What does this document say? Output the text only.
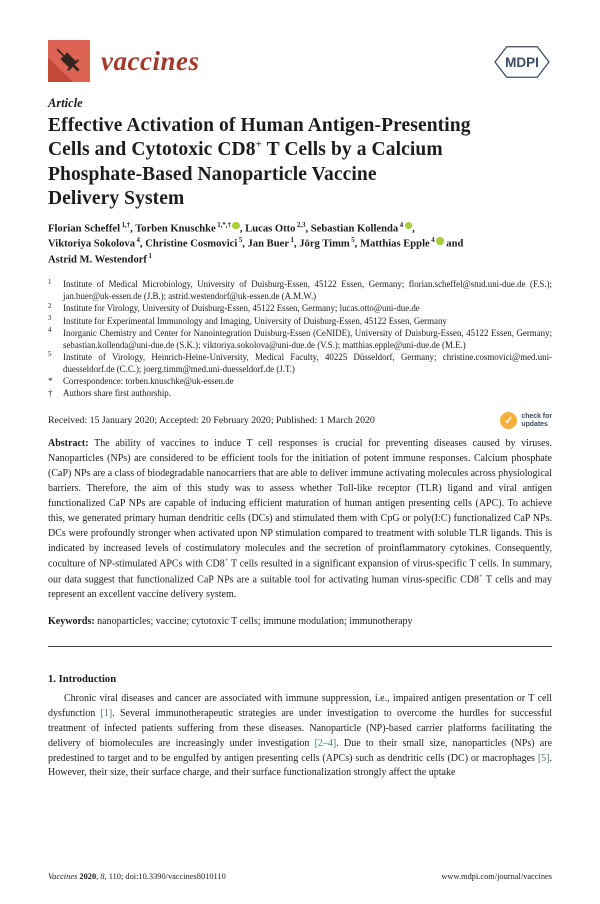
vaccines	MDPI
Article
Effective Activation of Human Antigen-Presenting
Cells and Cytotoxic CD8+ T Cells by a Calcium
Phosphate-Based Nanoparticle Vaccine
Delivery System
Florian Scheffel $^{1,\dagger}$, Torben Knuschke $^{1,*,\dagger}$ , Lucas Otto $^{2,3}$, Sebastian Kollenda $^4$ ,
Viktoriya Sokolova $^4$, Christine Cosmovici $^5$, Jan Buer $^1$, Jörg Timm $^5$, Matthias Epple $^4$ and
Astrid M. Westendorf $^1$
1	Institute of Medical Microbiology, University of Duisburg-Essen, 45122 Essen, Germany; florian.scheffel@stud.uni-due.de (F.S.); jan.buer@uk-essen.de (J.B.); astrid.westendorf@uk-essen.de (A.M.W.)
2	Institute for Virology, University of Duisburg-Essen, 45122 Essen, Germany; lucas.otto@uni-due.de
3	Institute for Experimental Immunology and Imaging, University of Duisburg-Essen, 45122 Essen, Germany
4	Inorganic Chemistry and Center for Nanointegration Duisburg-Essen (CeNIDE), University of Duisburg-Essen, 45122 Essen, Germany; sebastian.kollenda@uni-due.de (S.K.); viktoriya.sokolova@uni-due.de (V.S.); matthias.epple@uni-due.de (M.E.)
5	Institute of Virology, Heinrich-Heine-University, Medical Faculty, 40225 Düsseldorf, Germany; christine.cosmovici@med.uni-duesseldorf.de (C.C.); joerg.timm@med.uni-duesseldorf.de (J.T.)
*	Correspondence: torben.knuschke@uk-essen.de
†	Authors share first authorship.
Received: 15 January 2020; Accepted: 20 February 2020; Published: 1 March 2020	✓	check for
updates

Abstract: The ability of vaccines to induce T cell responses is crucial for preventing diseases caused by viruses. Nanoparticles (NPs) are considered to be efficient tools for the initiation of potent immune responses. Calcium phosphate (CaP) NPs are a class of biodegradable nanocarriers that are able to deliver immune activating molecules across physiological barriers. Therefore, the aim of this study was to assess whether Toll-like receptor (TLR) ligand and viral antigen functionalized CaP NPs are capable of inducing efficient maturation of human antigen presenting cells (APC). To achieve this, we generated primary human dendritic cells (DCs) and stimulated them with CpG or poly(I:C) functionalized CaP NPs. DCs were profoundly stronger when activated upon NP stimulation compared to treatment with soluble TLR ligands. This is indicated by increased levels of costimulatory molecules and the secretion of proinflammatory cytokines. Consequently, coculture of NP-stimulated APCs with CD8+ T cells resulted in a significant expansion of virus-specific T cells. In summary, our data suggest that functionalized CaP NPs are a suitable tool for activating human virus-specific CD8+ T cells and may represent an excellent vaccine delivery system.

Keywords: nanoparticles; vaccine; cytotoxic T cells; immune modulation; immunotherapy

1. Introduction

Chronic viral diseases and cancer are associated with immune suppression, i.e., impaired antigen presentation or T cell dysfunction [1]. Several immunotherapeutic strategies are under investigation to overcome the hurdles for successful treatment of infected patients suffering from these diseases. Nanoparticle (NP)-based carrier platforms facilitating the delivery of biomolecules are increasingly under investigation [2–4]. Due to their small size, nanoparticles (NPs) are predestined to target and to be engulfed by antigen presenting cells (APCs) such as dendritic cells (DC) or macrophages [5]. However, their size, their surface charge, and their surface functionalization strongly affect the uptake

Vaccines 2020, 8, 110; doi:10.3390/vaccines8010110	www.mdpi.com/journal/vaccines
